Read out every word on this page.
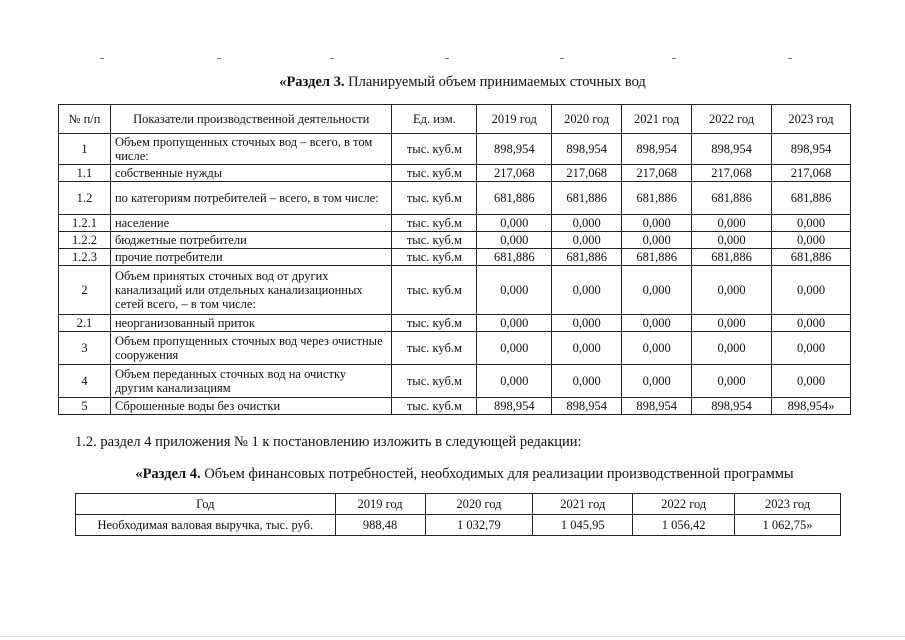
«Раздел 3. Планируемый объем принимаемых сточных вод
№ п/п	Показатели производственной деятельности	Ед. изм.	2019 год	2020 год	2021 год	2022 год	2023 год
1	Объем пропущенных сточных вод – всего, в том числе:	тыс. куб.м	898,954	898,954	898,954	898,954	898,954
1.1	собственные нужды	тыс. куб.м	217,068	217,068	217,068	217,068	217,068
1.2	по категориям потребителей – всего, в том числе:	тыс. куб.м	681,886	681,886	681,886	681,886	681,886
1.2.1	население	тыс. куб.м	0,000	0,000	0,000	0,000	0,000
1.2.2	бюджетные потребители	тыс. куб.м	0,000	0,000	0,000	0,000	0,000
1.2.3	прочие потребители	тыс. куб.м	681,886	681,886	681,886	681,886	681,886
2	Объем принятых сточных вод от других канализаций или отдельных канализационных сетей всего, – в том числе:	тыс. куб.м	0,000	0,000	0,000	0,000	0,000
2.1	неорганизованный приток	тыс. куб.м	0,000	0,000	0,000	0,000	0,000
3	Объем пропущенных сточных вод через очистные сооружения	тыс. куб.м	0,000	0,000	0,000	0,000	0,000
4	Объем переданных сточных вод на очистку другим канализациям	тыс. куб.м	0,000	0,000	0,000	0,000	0,000
5	Сброшенные воды без очистки	тыс. куб.м	898,954	898,954	898,954	898,954	898,954»
1.2. раздел 4 приложения № 1 к постановлению изложить в следующей редакции:
«Раздел 4. Объем финансовых потребностей, необходимых для реализации производственной программы
Год	2019 год	2020 год	2021 год	2022 год	2023 год
Необходимая валовая выручка, тыс. руб.	988,48	1 032,79	1 045,95	1 056,42	1 062,75»
